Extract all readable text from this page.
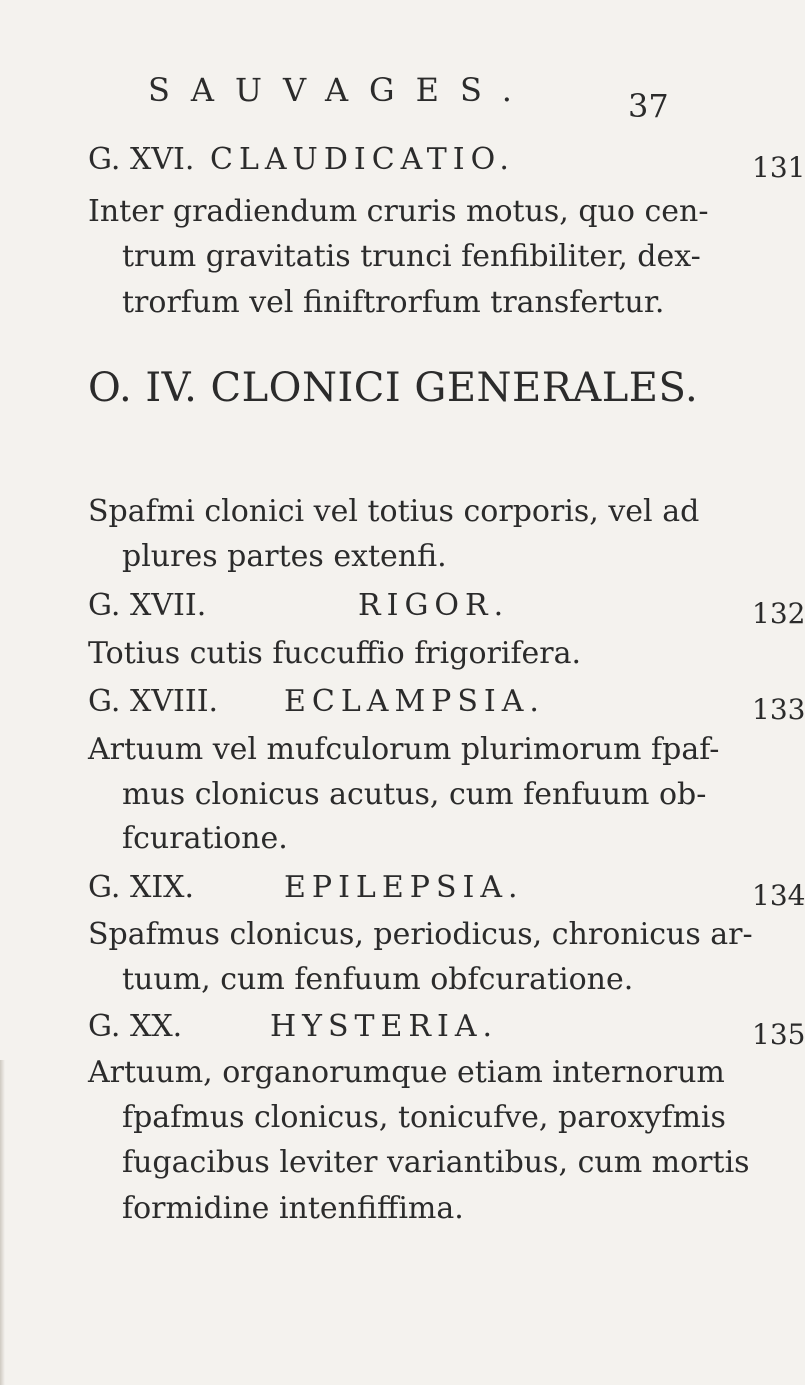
SAUVAGES.	37
G. XVI. CLAUDICATIO.	131
Inter gradiendum cruris motus, quo cen-
trum gravitatis trunci fenfibiliter, dex-
trorfum vel finiftrorfum transfertur.
O. IV. CLONICI GENERALES.
Spafmi clonici vel totius corporis, vel ad
plures partes extenfi.
G. XVII.	RIGOR.	132
Totius cutis fuccuffio frigorifera.
G. XVIII. ECLAMPSIA.	133
Artuum vel mufculorum plurimorum fpaf-
mus clonicus acutus, cum fenfuum ob-
fcuratione.
G. XIX.	EPILEPSIA.	134
Spafmus clonicus, periodicus, chronicus ar-
tuum, cum fenfuum obfcuratione.
G. XX.	HYSTERIA.	135
Artuum, organorumque etiam internorum
fpafmus clonicus, tonicufve, paroxyfmis
fugacibus leviter variantibus, cum mortis
formidine intenfiffima.
